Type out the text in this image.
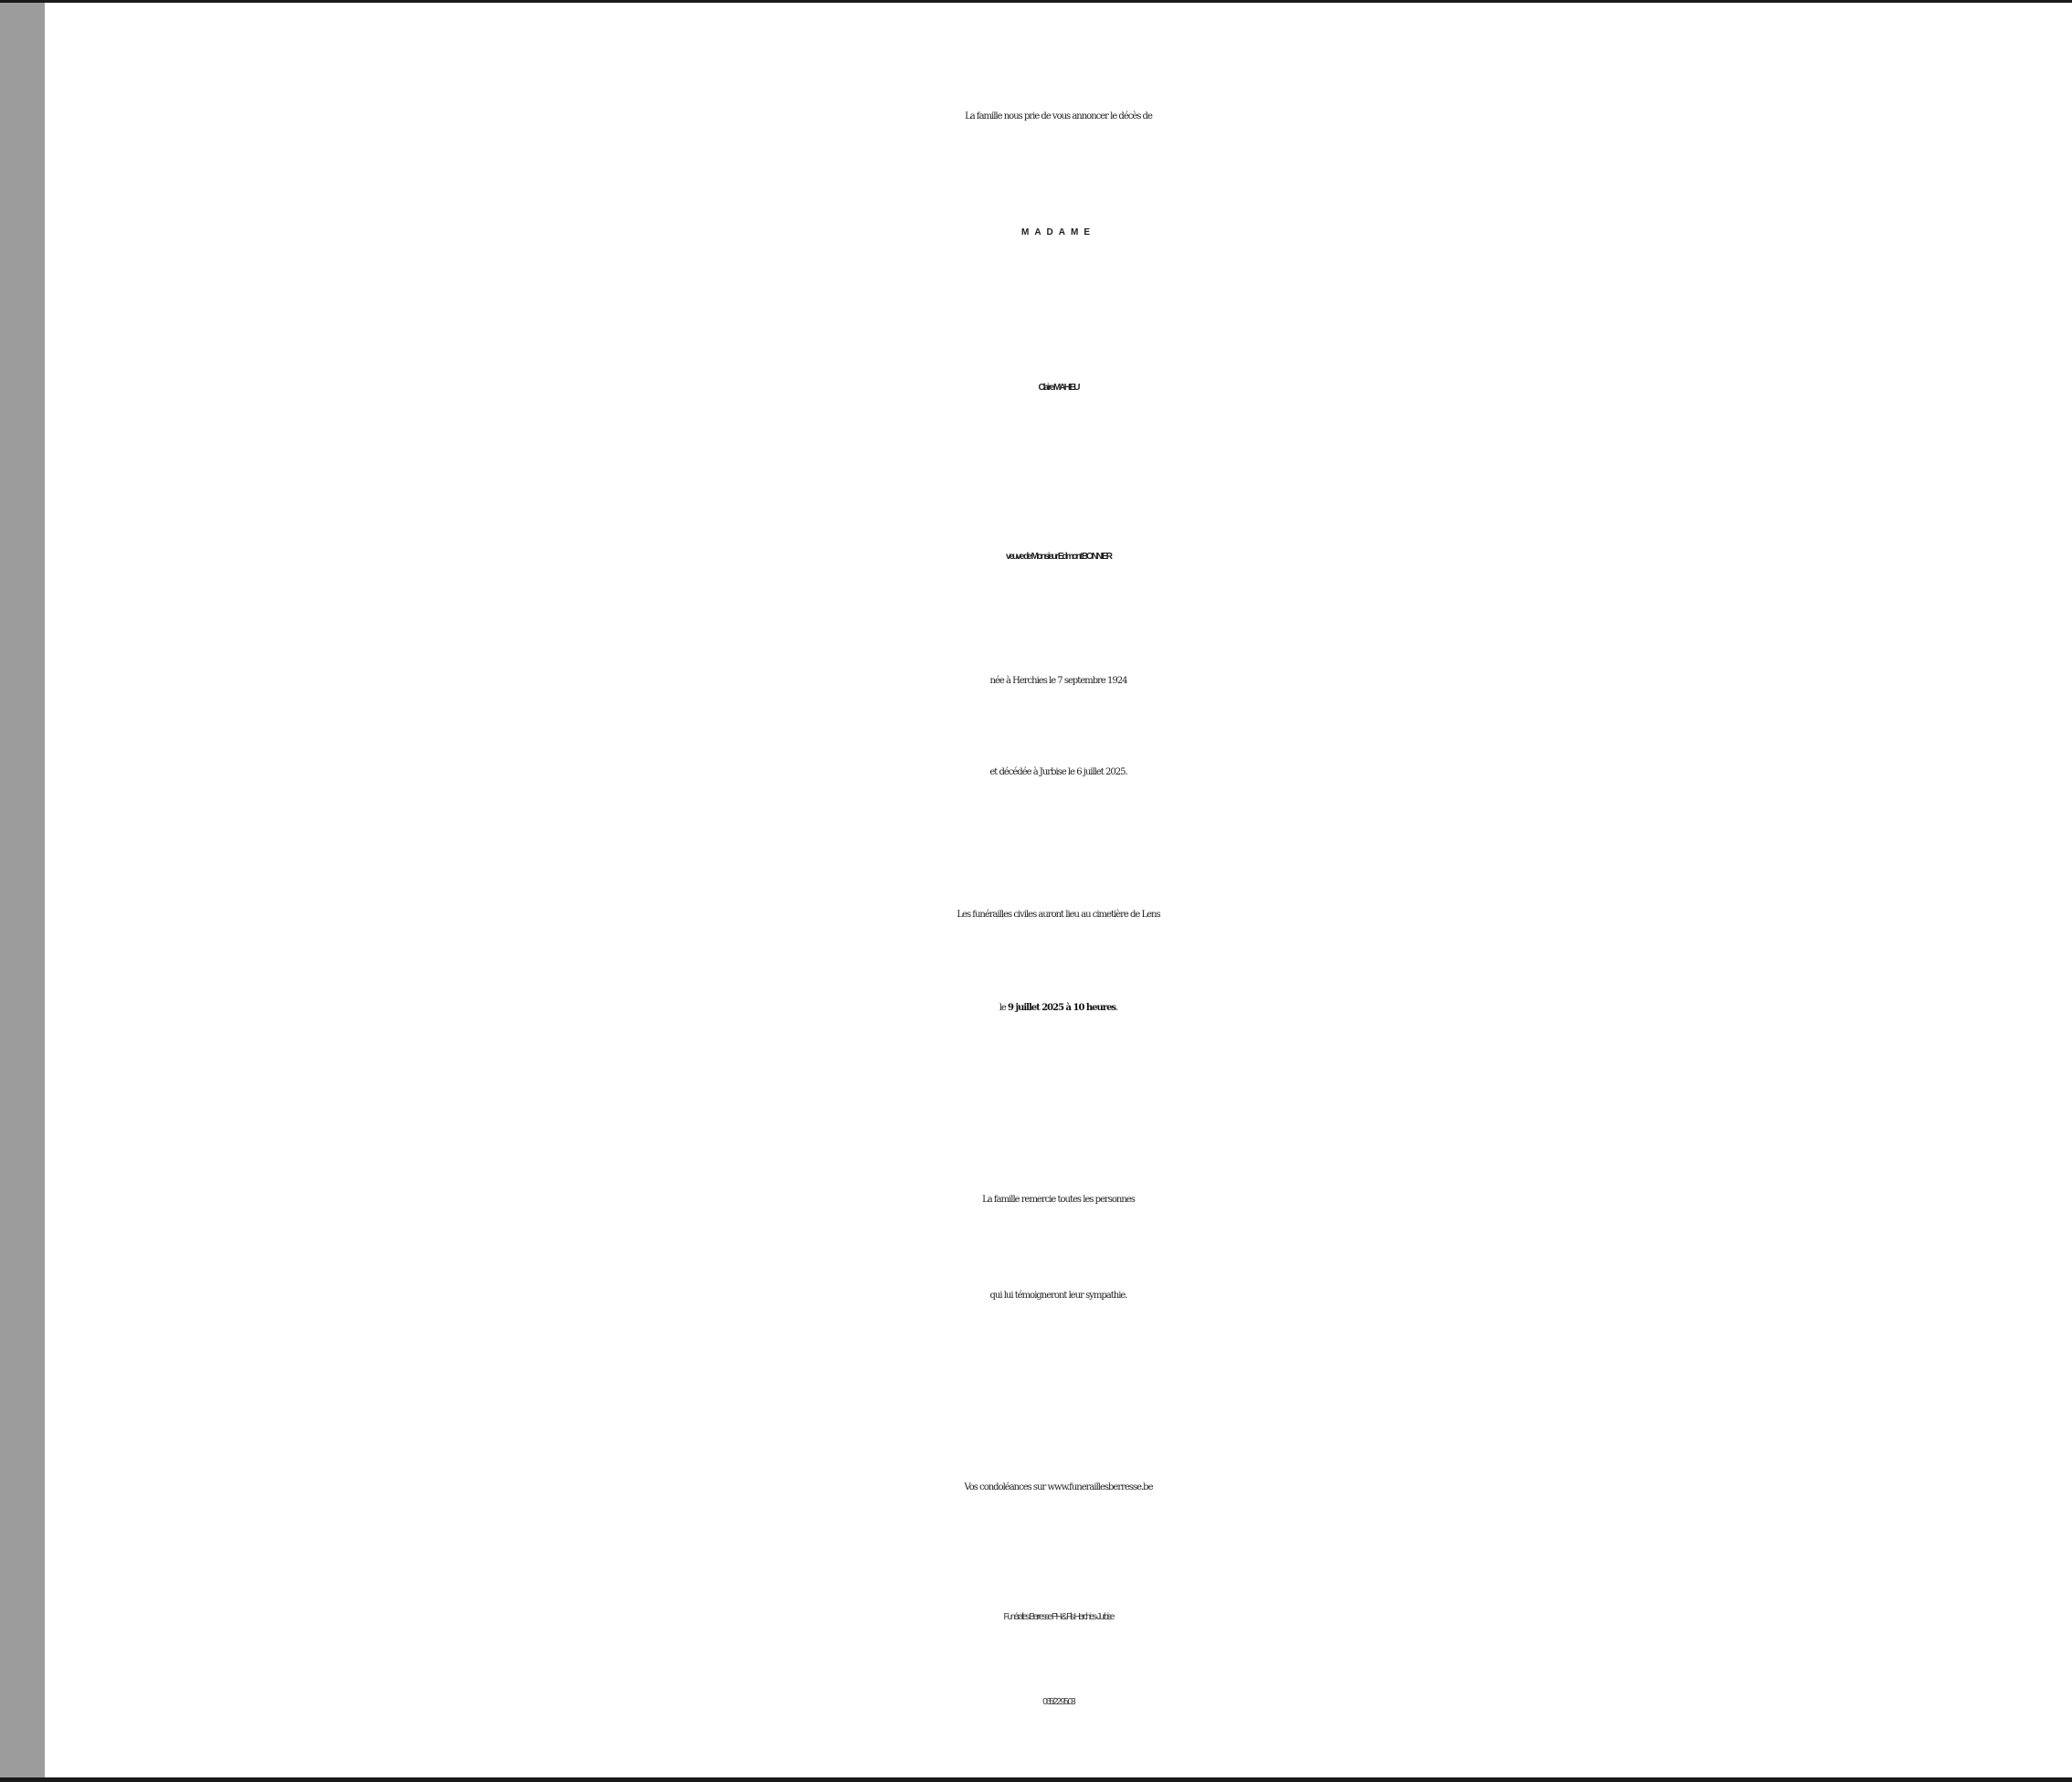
La famille nous prie de vous annoncer le décès de
MADAME
Claire MAHIEU
veuve de Monsieur Edmont BONNIER
née à Herchies le 7 septembre 1924
et décédée à Jurbise le 6 juillet 2025.
Les funérailles civiles auront lieu au cimetière de Lens
le 9 juillet 2025 à 10 heures.
La famille remercie toutes les personnes
qui lui témoigneront leur sympathie.
Vos condoléances sur www.funeraillesberresse.be
Funérailles Berresse PH & Fils Herchies-Jurbise
065/22.95.03
